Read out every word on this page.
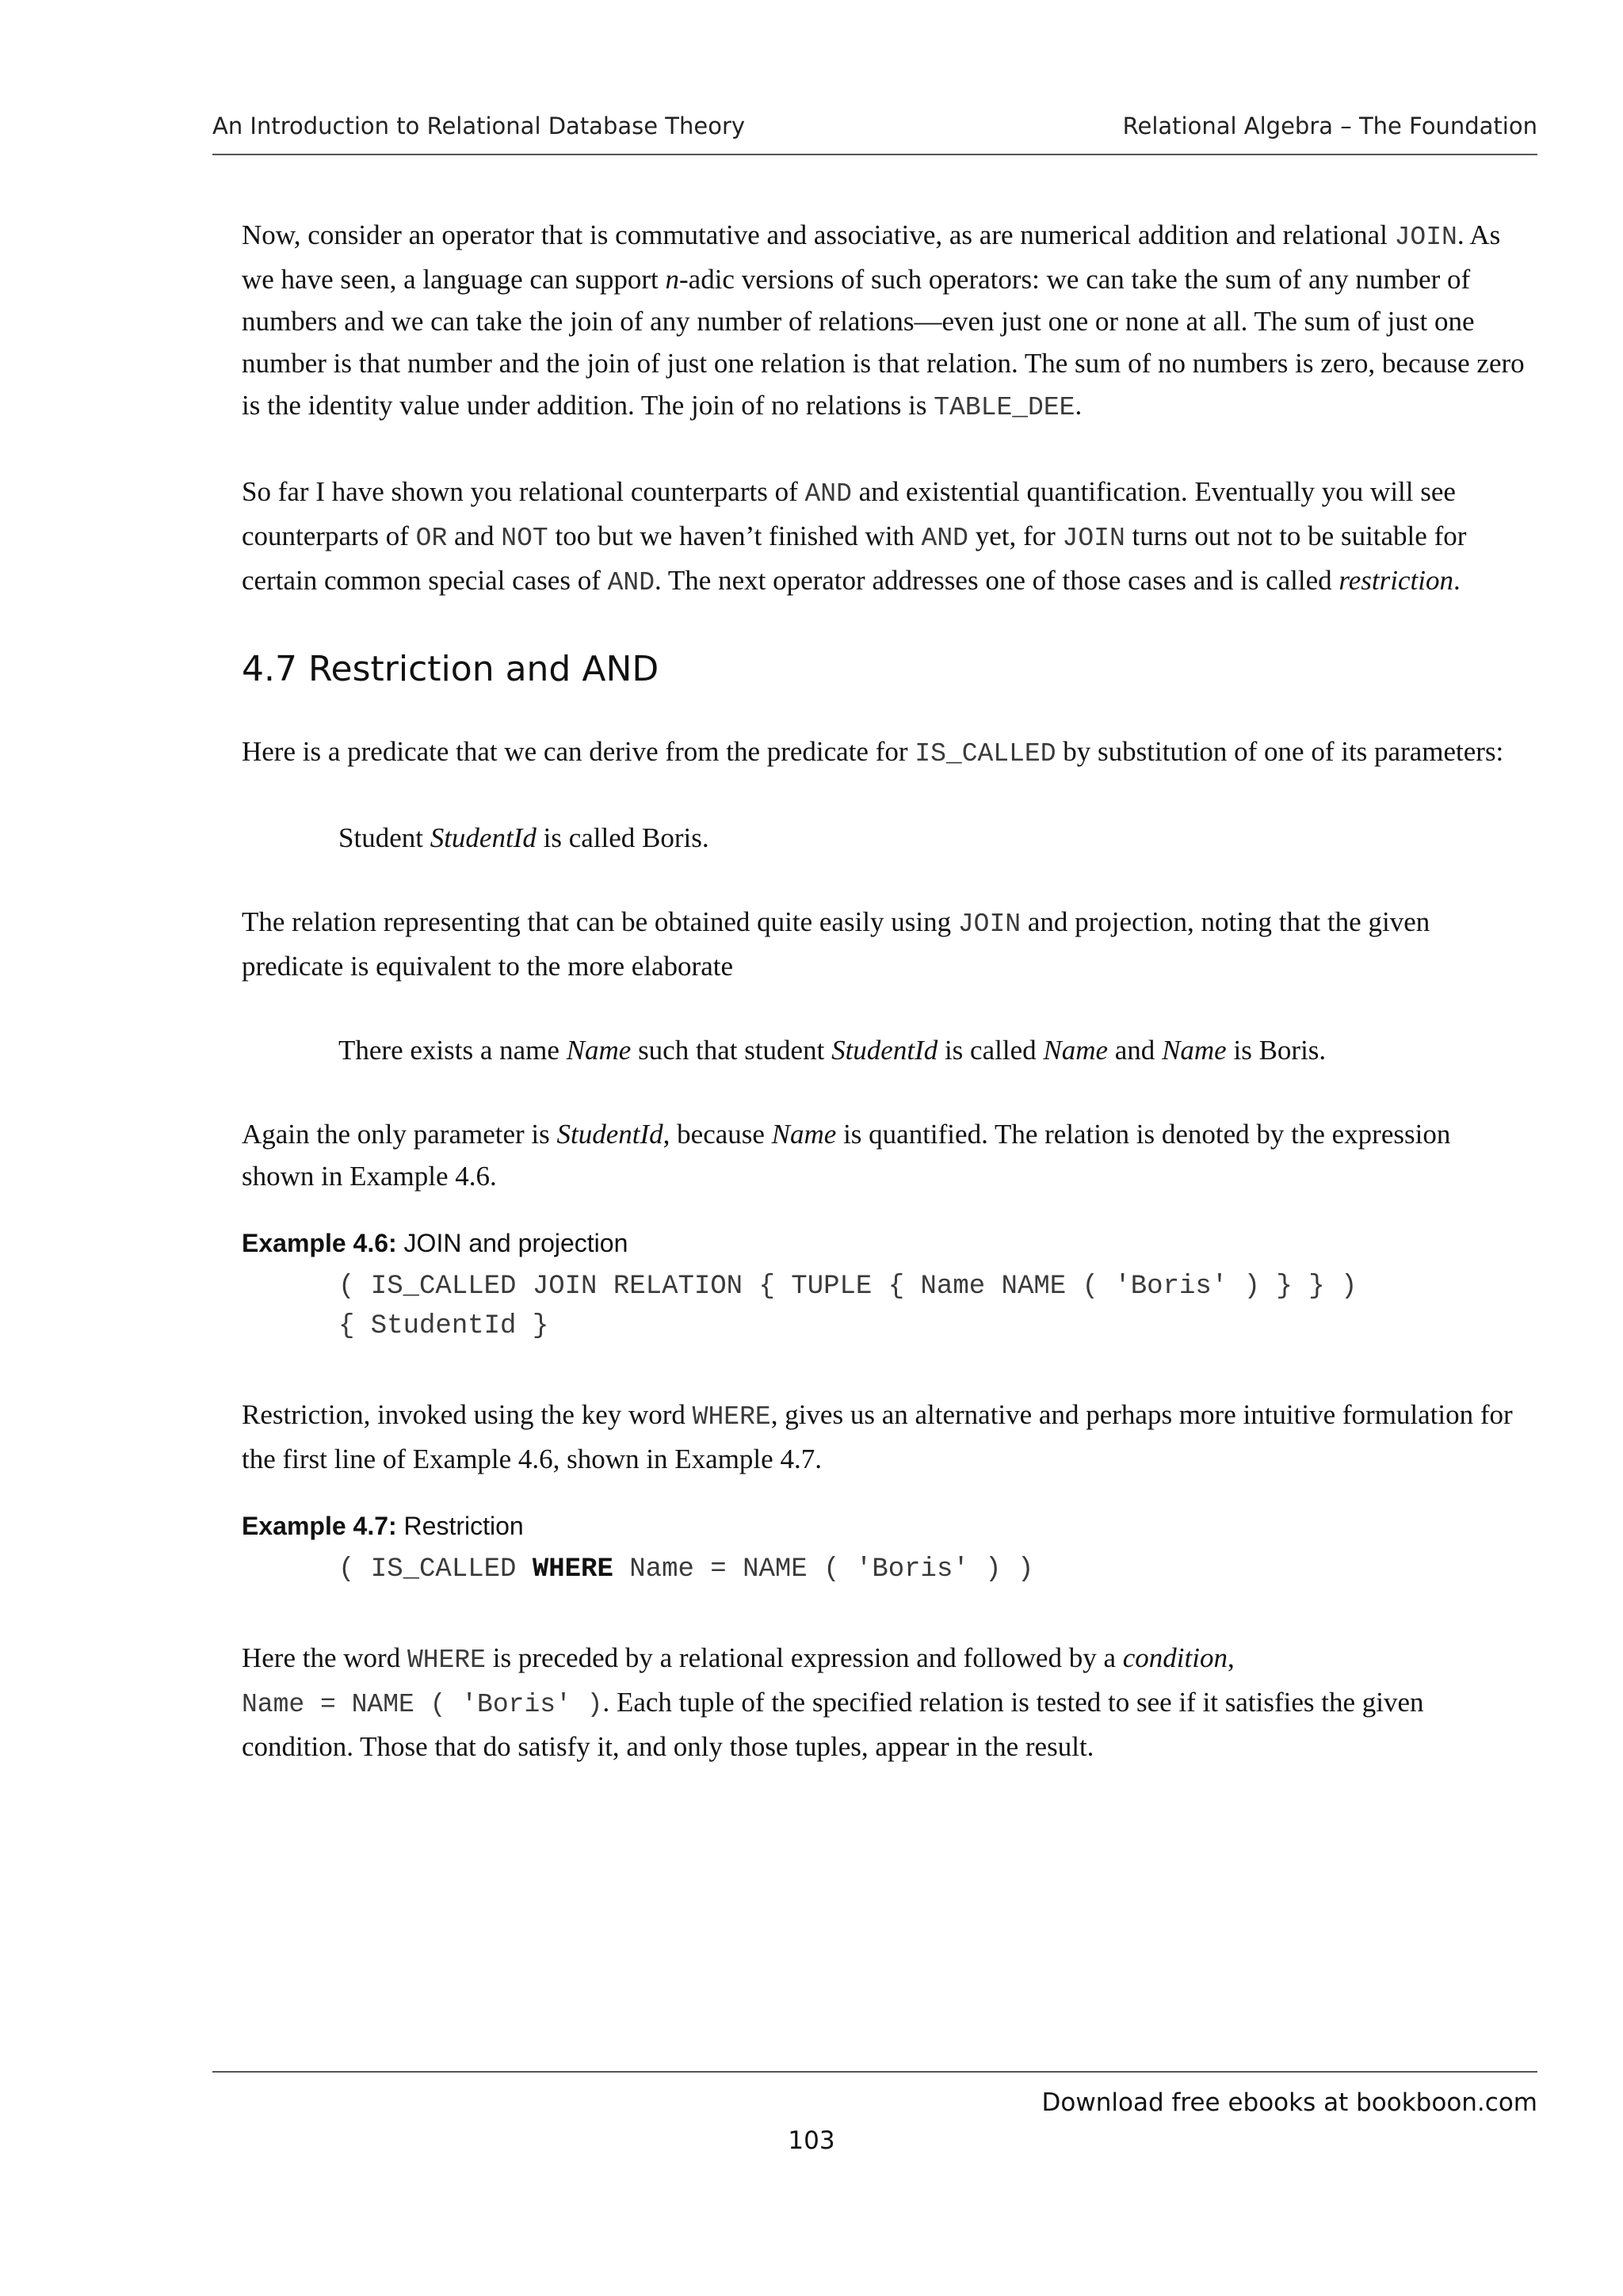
An Introduction to Relational Database Theory	Relational Algebra – The Foundation

Now, consider an operator that is commutative and associative, as are numerical addition and relational JOIN. As we have seen, a language can support n-adic versions of such operators: we can take the sum of any number of numbers and we can take the join of any number of relations—even just one or none at all. The sum of just one number is that number and the join of just one relation is that relation. The sum of no numbers is zero, because zero is the identity value under addition. The join of no relations is TABLE_DEE.

So far I have shown you relational counterparts of AND and existential quantification. Eventually you will see counterparts of OR and NOT too but we haven’t finished with AND yet, for JOIN turns out not to be suitable for certain common special cases of AND. The next operator addresses one of those cases and is called restriction.

4.7 Restriction and AND

Here is a predicate that we can derive from the predicate for IS_CALLED by substitution of one of its parameters:

Student StudentId is called Boris.

The relation representing that can be obtained quite easily using JOIN and projection, noting that the given predicate is equivalent to the more elaborate

There exists a name Name such that student StudentId is called Name and Name is Boris.

Again the only parameter is StudentId, because Name is quantified. The relation is denoted by the expression shown in Example 4.6.

Example 4.6: JOIN and projection
( IS_CALLED JOIN RELATION { TUPLE { Name NAME ( 'Boris' ) } } )
{ StudentId }

Restriction, invoked using the key word WHERE, gives us an alternative and perhaps more intuitive formulation for the first line of Example 4.6, shown in Example 4.7.

Example 4.7: Restriction
( IS_CALLED WHERE Name = NAME ( 'Boris' ) )

Here the word WHERE is preceded by a relational expression and followed by a condition,
Name = NAME ( 'Boris' ). Each tuple of the specified relation is tested to see if it satisfies the given condition. Those that do satisfy it, and only those tuples, appear in the result.

Download free ebooks at bookboon.com
103
